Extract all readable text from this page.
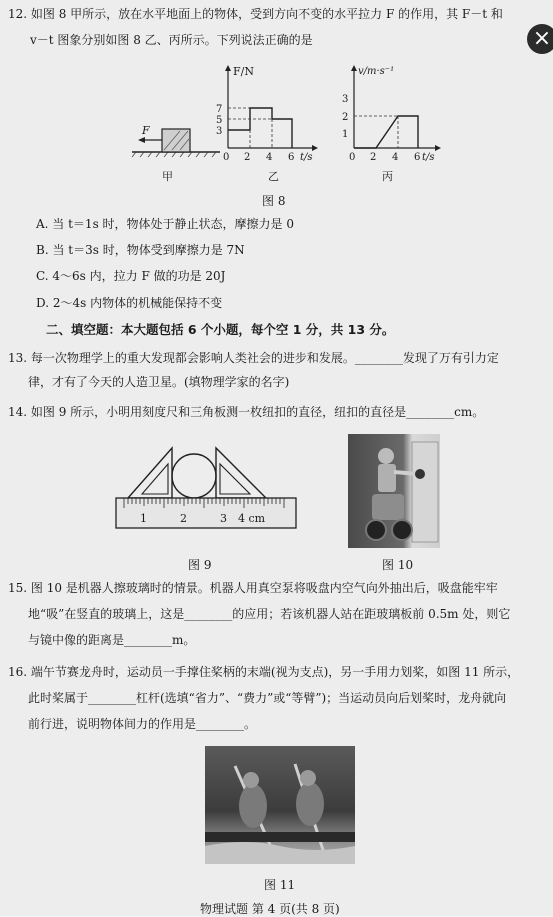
12. 如图 8 甲所示，放在水平地面上的物体，受到方向不变的水平拉力 F 的作用，其 F－t 和
v－t 图象分别如图 8 乙、丙所示。下列说法正确的是
F
F/N
t/s
7
5
3
0 2 4 6
乙
v/m·s⁻¹
t/s
3
2
1
0 2 4 6
丙
甲
图 8
A. 当 t＝1s 时，物体处于静止状态，摩擦力是 0
B. 当 t＝3s 时，物体受到摩擦力是 7N
C. 4～6s 内，拉力 F 做的功是 20J
D. 2～4s 内物体的机械能保持不变
二、填空题：本大题包括 6 个小题，每个空 1 分，共 13 分。
13. 每一次物理学上的重大发现都会影响人类社会的进步和发展。________发现了万有引力定
律，才有了今天的人造卫星。(填物理学家的名字)
14. 如图 9 所示，小明用刻度尺和三角板测一枚纽扣的直径，纽扣的直径是________cm。
1	2	3 4 cm
图 9	图 10
15. 图 10 是机器人擦玻璃时的情景。机器人用真空泵将吸盘内空气向外抽出后，吸盘能牢牢
地“吸”在竖直的玻璃上，这是________的应用；若该机器人站在距玻璃板前 0.5m 处，则它
与镜中像的距离是________m。
16. 端午节赛龙舟时，运动员一手撑住桨柄的末端(视为支点)，另一手用力划桨，如图 11 所示，
此时桨属于________杠杆(选填“省力”、“费力”或“等臂”)；当运动员向后划桨时，龙舟就向
前行进，说明物体间力的作用是________。
图 11
物理试题 第 4 页(共 8 页)
×
